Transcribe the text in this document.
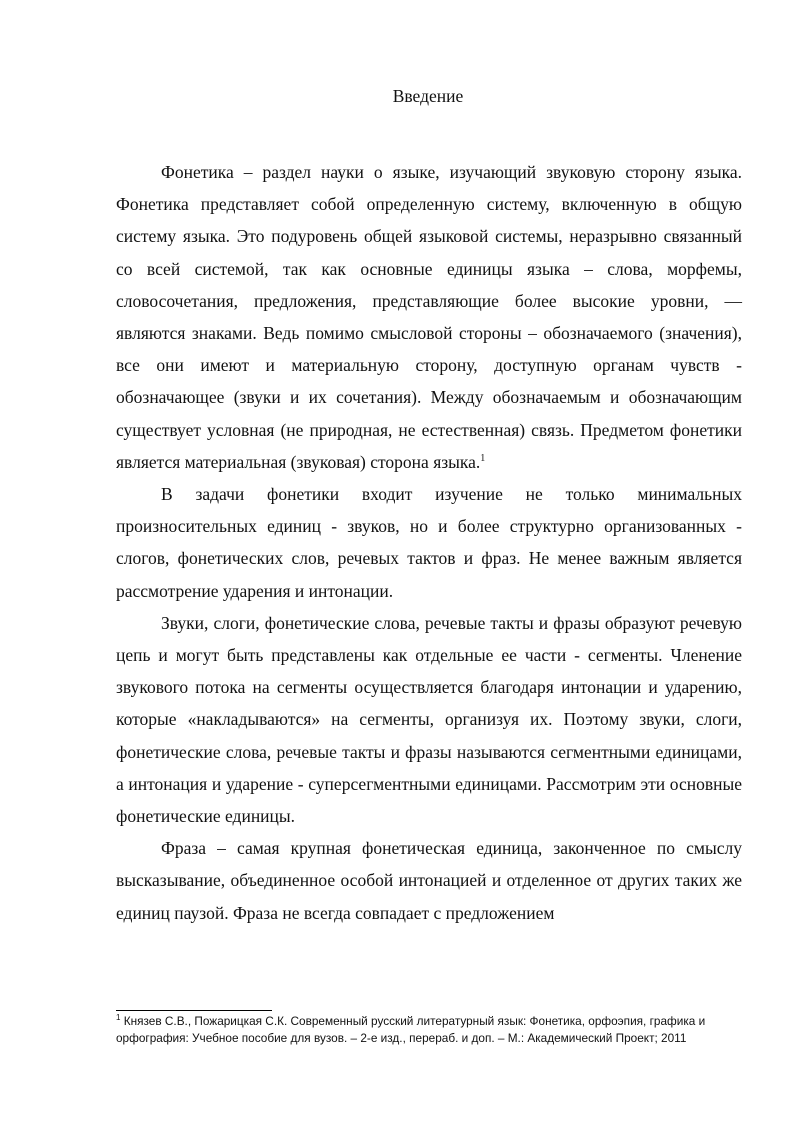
Введение

Фонетика – раздел науки о языке, изучающий звуковую сторону языка. Фонетика представляет собой определенную систему, включенную в общую систему языка. Это подуровень общей языковой системы, неразрывно связанный со всей системой, так как основные единицы языка – слова, морфемы, словосочетания, предложения, представляющие более высокие уровни, — являются знаками. Ведь помимо смысловой стороны – обозначаемого (значения), все они имеют и материальную сторону, доступную органам чувств - обозначающее (звуки и их сочетания). Между обозначаемым и обозначающим существует условная (не природная, не естественная) связь. Предметом фонетики является материальная (звуковая) сторона языка.$^1$

В задачи фонетики входит изучение не только минимальных произносительных единиц - звуков, но и более структурно организованных - слогов, фонетических слов, речевых тактов и фраз. Не менее важным является рассмотрение ударения и интонации.

Звуки, слоги, фонетические слова, речевые такты и фразы образуют речевую цепь и могут быть представлены как отдельные ее части - сегменты. Членение звукового потока на сегменты осуществляется благодаря интонации и ударению, которые «накладываются» на сегменты, организуя их. Поэтому звуки, слоги, фонетические слова, речевые такты и фразы называются сегментными единицами, а интонация и ударение - суперсегментными единицами. Рассмотрим эти основные фонетические единицы.

Фраза – самая крупная фонетическая единица, законченное по смыслу высказывание, объединенное особой интонацией и отделенное от других таких же единиц паузой. Фраза не всегда совпадает с предложением

$^1$ Князев С.В., Пожарицкая С.К. Современный русский литературный язык: Фонетика, орфоэпия, графика и орфография: Учебное пособие для вузов. – 2-е изд., перераб. и доп. – М.: Академический Проект; 2011
